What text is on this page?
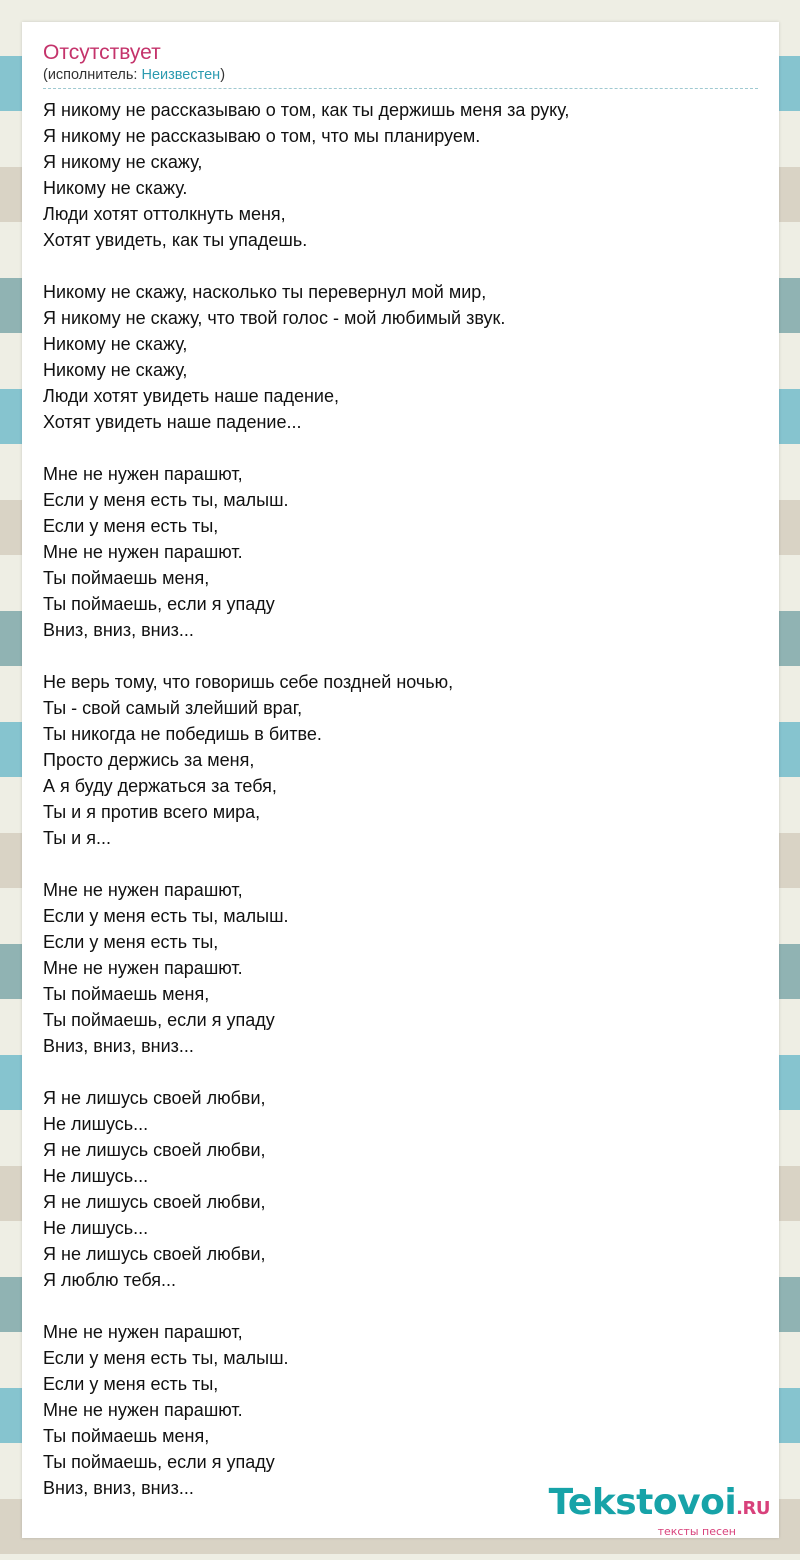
Отсутствует
(исполнитель: Неизвестен)
Я никому не рассказываю о том, как ты держишь меня за руку,
Я никому не рассказываю о том, что мы планируем.
Я никому не скажу,
Никому не скажу.
Люди хотят оттолкнуть меня,
Хотят увидеть, как ты упадешь.
Никому не скажу, насколько ты перевернул мой мир,
Я никому не скажу, что твой голос - мой любимый звук.
Никому не скажу,
Никому не скажу,
Люди хотят увидеть наше падение,
Хотят увидеть наше падение...
Мне не нужен парашют,
Если у меня есть ты, малыш.
Если у меня есть ты,
Мне не нужен парашют.
Ты поймаешь меня,
Ты поймаешь, если я упаду
Вниз, вниз, вниз...
Не верь тому, что говоришь себе поздней ночью,
Ты - свой самый злейший враг,
Ты никогда не победишь в битве.
Просто держись за меня,
А я буду держаться за тебя,
Ты и я против всего мира,
Ты и я...
Мне не нужен парашют,
Если у меня есть ты, малыш.
Если у меня есть ты,
Мне не нужен парашют.
Ты поймаешь меня,
Ты поймаешь, если я упаду
Вниз, вниз, вниз...
Я не лишусь своей любви,
Не лишусь...
Я не лишусь своей любви,
Не лишусь...
Я не лишусь своей любви,
Не лишусь...
Я не лишусь своей любви,
Я люблю тебя...
Мне не нужен парашют,
Если у меня есть ты, малыш.
Если у меня есть ты,
Мне не нужен парашют.
Ты поймаешь меня,
Ты поймаешь, если я упаду
Вниз, вниз, вниз...	Tekstovoi.RU
тексты песен
